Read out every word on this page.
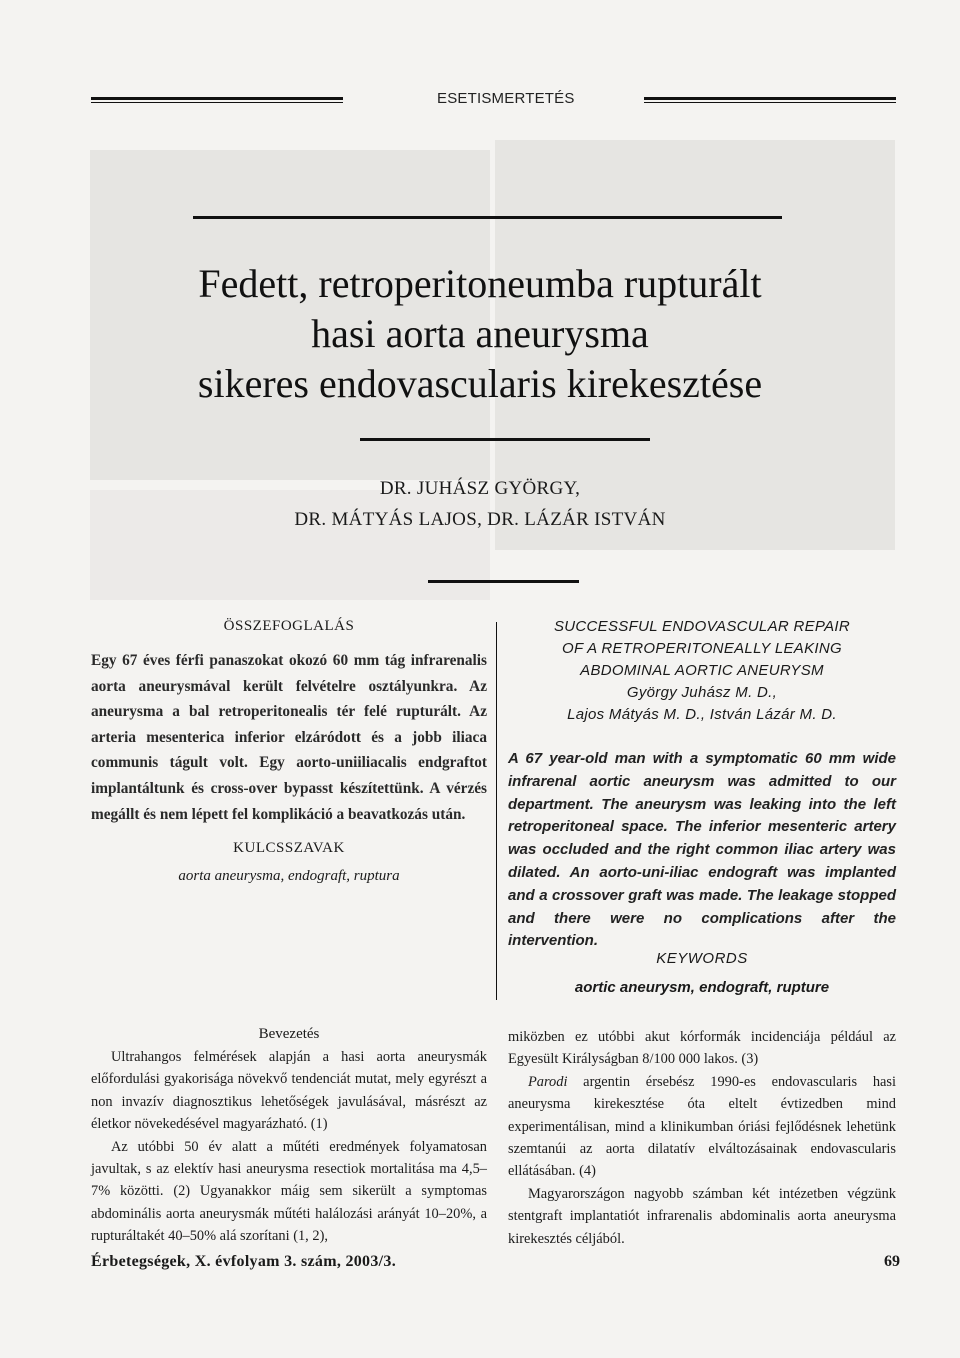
ESETISMERTETÉS
Fedett, retroperitoneumba rupturált
hasi aorta aneurysma
sikeres endovascularis kirekesztése
DR. JUHÁSZ GYÖRGY,
DR. MÁTYÁS LAJOS, DR. LÁZÁR ISTVÁN
ÖSSZEFOGLALÁS
Egy 67 éves férfi panaszokat okozó 60 mm tág infrarenalis aorta aneurysmával került felvételre osztályunkra. Az aneurysma a bal retroperitonealis tér felé rupturált. Az arteria mesenterica inferior elzáródott és a jobb iliaca communis tágult volt. Egy aorto-uniiliacalis endgraftot implantáltunk és cross-over bypasst készítettünk. A vérzés megállt és nem lépett fel komplikáció a beavatkozás után.
KULCSSZAVAK
aorta aneurysma, endograft, ruptura
SUCCESSFUL ENDOVASCULAR REPAIR
OF A RETROPERITONEALLY LEAKING
ABDOMINAL AORTIC ANEURYSM
György Juhász M. D.,
Lajos Mátyás M. D., István Lázár M. D.
A 67 year-old man with a symptomatic 60 mm wide infrarenal aortic aneurysm was admitted to our department. The aneurysm was leaking into the left retroperitoneal space. The inferior mesenteric artery was occluded and the right common iliac artery was dilated. An aorto-uni-iliac endograft was implanted and a crossover graft was made. The leakage stopped and there were no complications after the intervention.
KEYWORDS
aortic aneurysm, endograft, rupture
Bevezetés

Ultrahangos felmérések alapján a hasi aorta aneurysmák előfordulási gyakorisága növekvő tendenciát mutat, mely egyrészt a non invazív diagnosztikus lehetőségek javulásával, másrészt az életkor növekedésével magyarázható. (1)

Az utóbbi 50 év alatt a műtéti eredmények folyamatosan javultak, s az elektív hasi aneurysma resectiok mortalitása ma 4,5–7% közötti. (2) Ugyanakkor máig sem sikerült a symptomas abdominális aorta aneurysmák műtéti halálozási arányát 10–20%, a rupturáltakét 40–50% alá szorítani (1, 2),

miközben ez utóbbi akut kórformák incidenciája például az Egyesült Királyságban 8/100 000 lakos. (3)

Parodi argentin érsebész 1990-es endovascularis hasi aneurysma kirekesztése óta eltelt évtizedben mind experimentálisan, mind a klinikumban óriási fejlődésnek lehetünk szemtanúi az aorta dilatatív elváltozásainak endovascularis ellátásában. (4)

Magyarországon nagyobb számban két intézetben végzünk stentgraft implantatiót infrarenalis abdominalis aorta aneurysma kirekesztés céljából.

Érbetegségek, X. évfolyam 3. szám, 2003/3.	69
